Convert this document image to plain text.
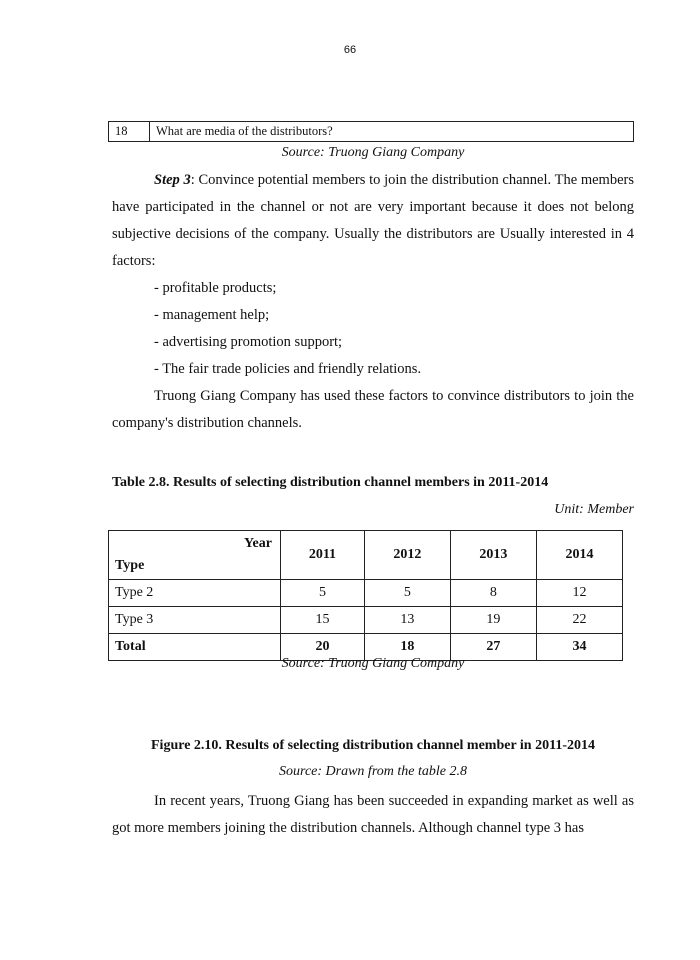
66
18	What are media of the distributors?
Source: Truong Giang Company
Step 3: Convince potential members to join the distribution channel. The members have participated in the channel or not are very important because it does not belong subjective decisions of the company. Usually the distributors are Usually interested in 4 factors:
- profitable products;
- management help;
- advertising promotion support;
- The fair trade policies and friendly relations.
Truong Giang Company has used these factors to convince distributors to join the company's distribution channels.
Table 2.8. Results of selecting distribution channel members in 2011-2014
Unit: Member
Year
Type	2011	2012	2013	2014
Type 2	5	5	8	12
Type 3	15	13	19	22
Total	20	18	27	34
Source: Truong Giang Company
Figure 2.10. Results of selecting distribution channel member in 2011-2014
Source: Drawn from the table 2.8
In recent years, Truong Giang has been succeeded in expanding market as well as got more members joining the distribution channels. Although channel type 3 has
